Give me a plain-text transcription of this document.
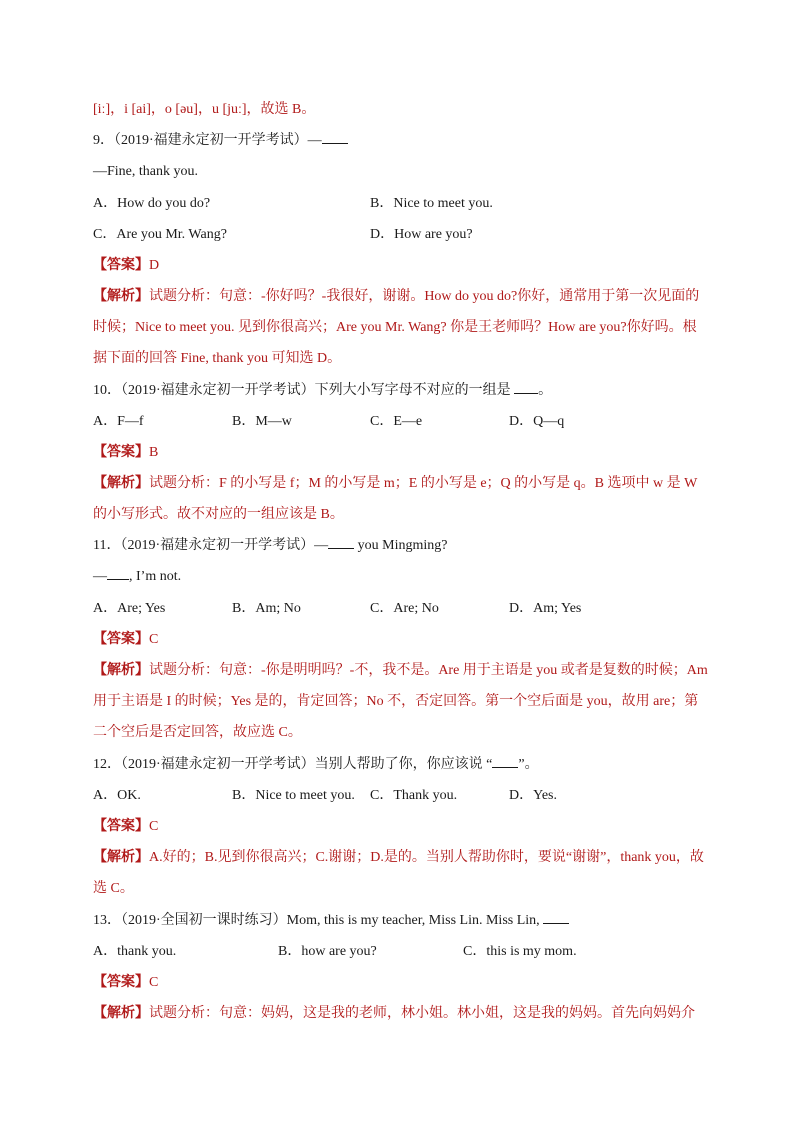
[iː]，i [ai]，o [əu]，u [juː]，故选 B。
9．（2019·福建永定初一开学考试）—
—Fine, thank you.
A．How do you do?	B．Nice to meet you.
C．Are you Mr. Wang?	D．How are you?
【答案】D
【解析】试题分析：句意：-你好吗？-我很好，谢谢。How do you do?你好，通常用于第一次见面的
时候；Nice to meet you. 见到你很高兴；Are you Mr. Wang? 你是王老师吗？How are you?你好吗。根
据下面的回答 Fine, thank you 可知选 D。
10．（2019·福建永定初一开学考试）下列大小写字母不对应的一组是 。
A．F—f	B．M—w	C．E—e	D．Q—q
【答案】B
【解析】试题分析：F 的小写是 f；M 的小写是 m；E 的小写是 e；Q 的小写是 q。B 选项中 w 是 W
的小写形式。故不对应的一组应该是 B。
11．（2019·福建永定初一开学考试）— you Mingming?
— , I’m not.
A．Are; Yes	B．Am; No	C．Are; No	D．Am; Yes
【答案】C
【解析】试题分析：句意：-你是明明吗？-不，我不是。Are 用于主语是 you 或者是复数的时候；Am
用于主语是 I 的时候；Yes 是的，肯定回答；No 不，否定回答。第一个空后面是 you，故用 are；第
二个空后是否定回答，故应选 C。
12．（2019·福建永定初一开学考试）当别人帮助了你，你应该说 “ ”。
A．OK.	B．Nice to meet you. C．Thank you.	D．Yes.
【答案】C
【解析】A.好的；B.见到你很高兴；C.谢谢；D.是的。当别人帮助你时，要说“谢谢”，thank you，故
选 C。
13．（2019·全国初一课时练习）Mom, this is my teacher, Miss Lin. Miss Lin,
A．thank you.	B．how are you?	C．this is my mom.
【答案】C
【解析】试题分析：句意：妈妈，这是我的老师，林小姐。林小姐，这是我的妈妈。首先向妈妈介
